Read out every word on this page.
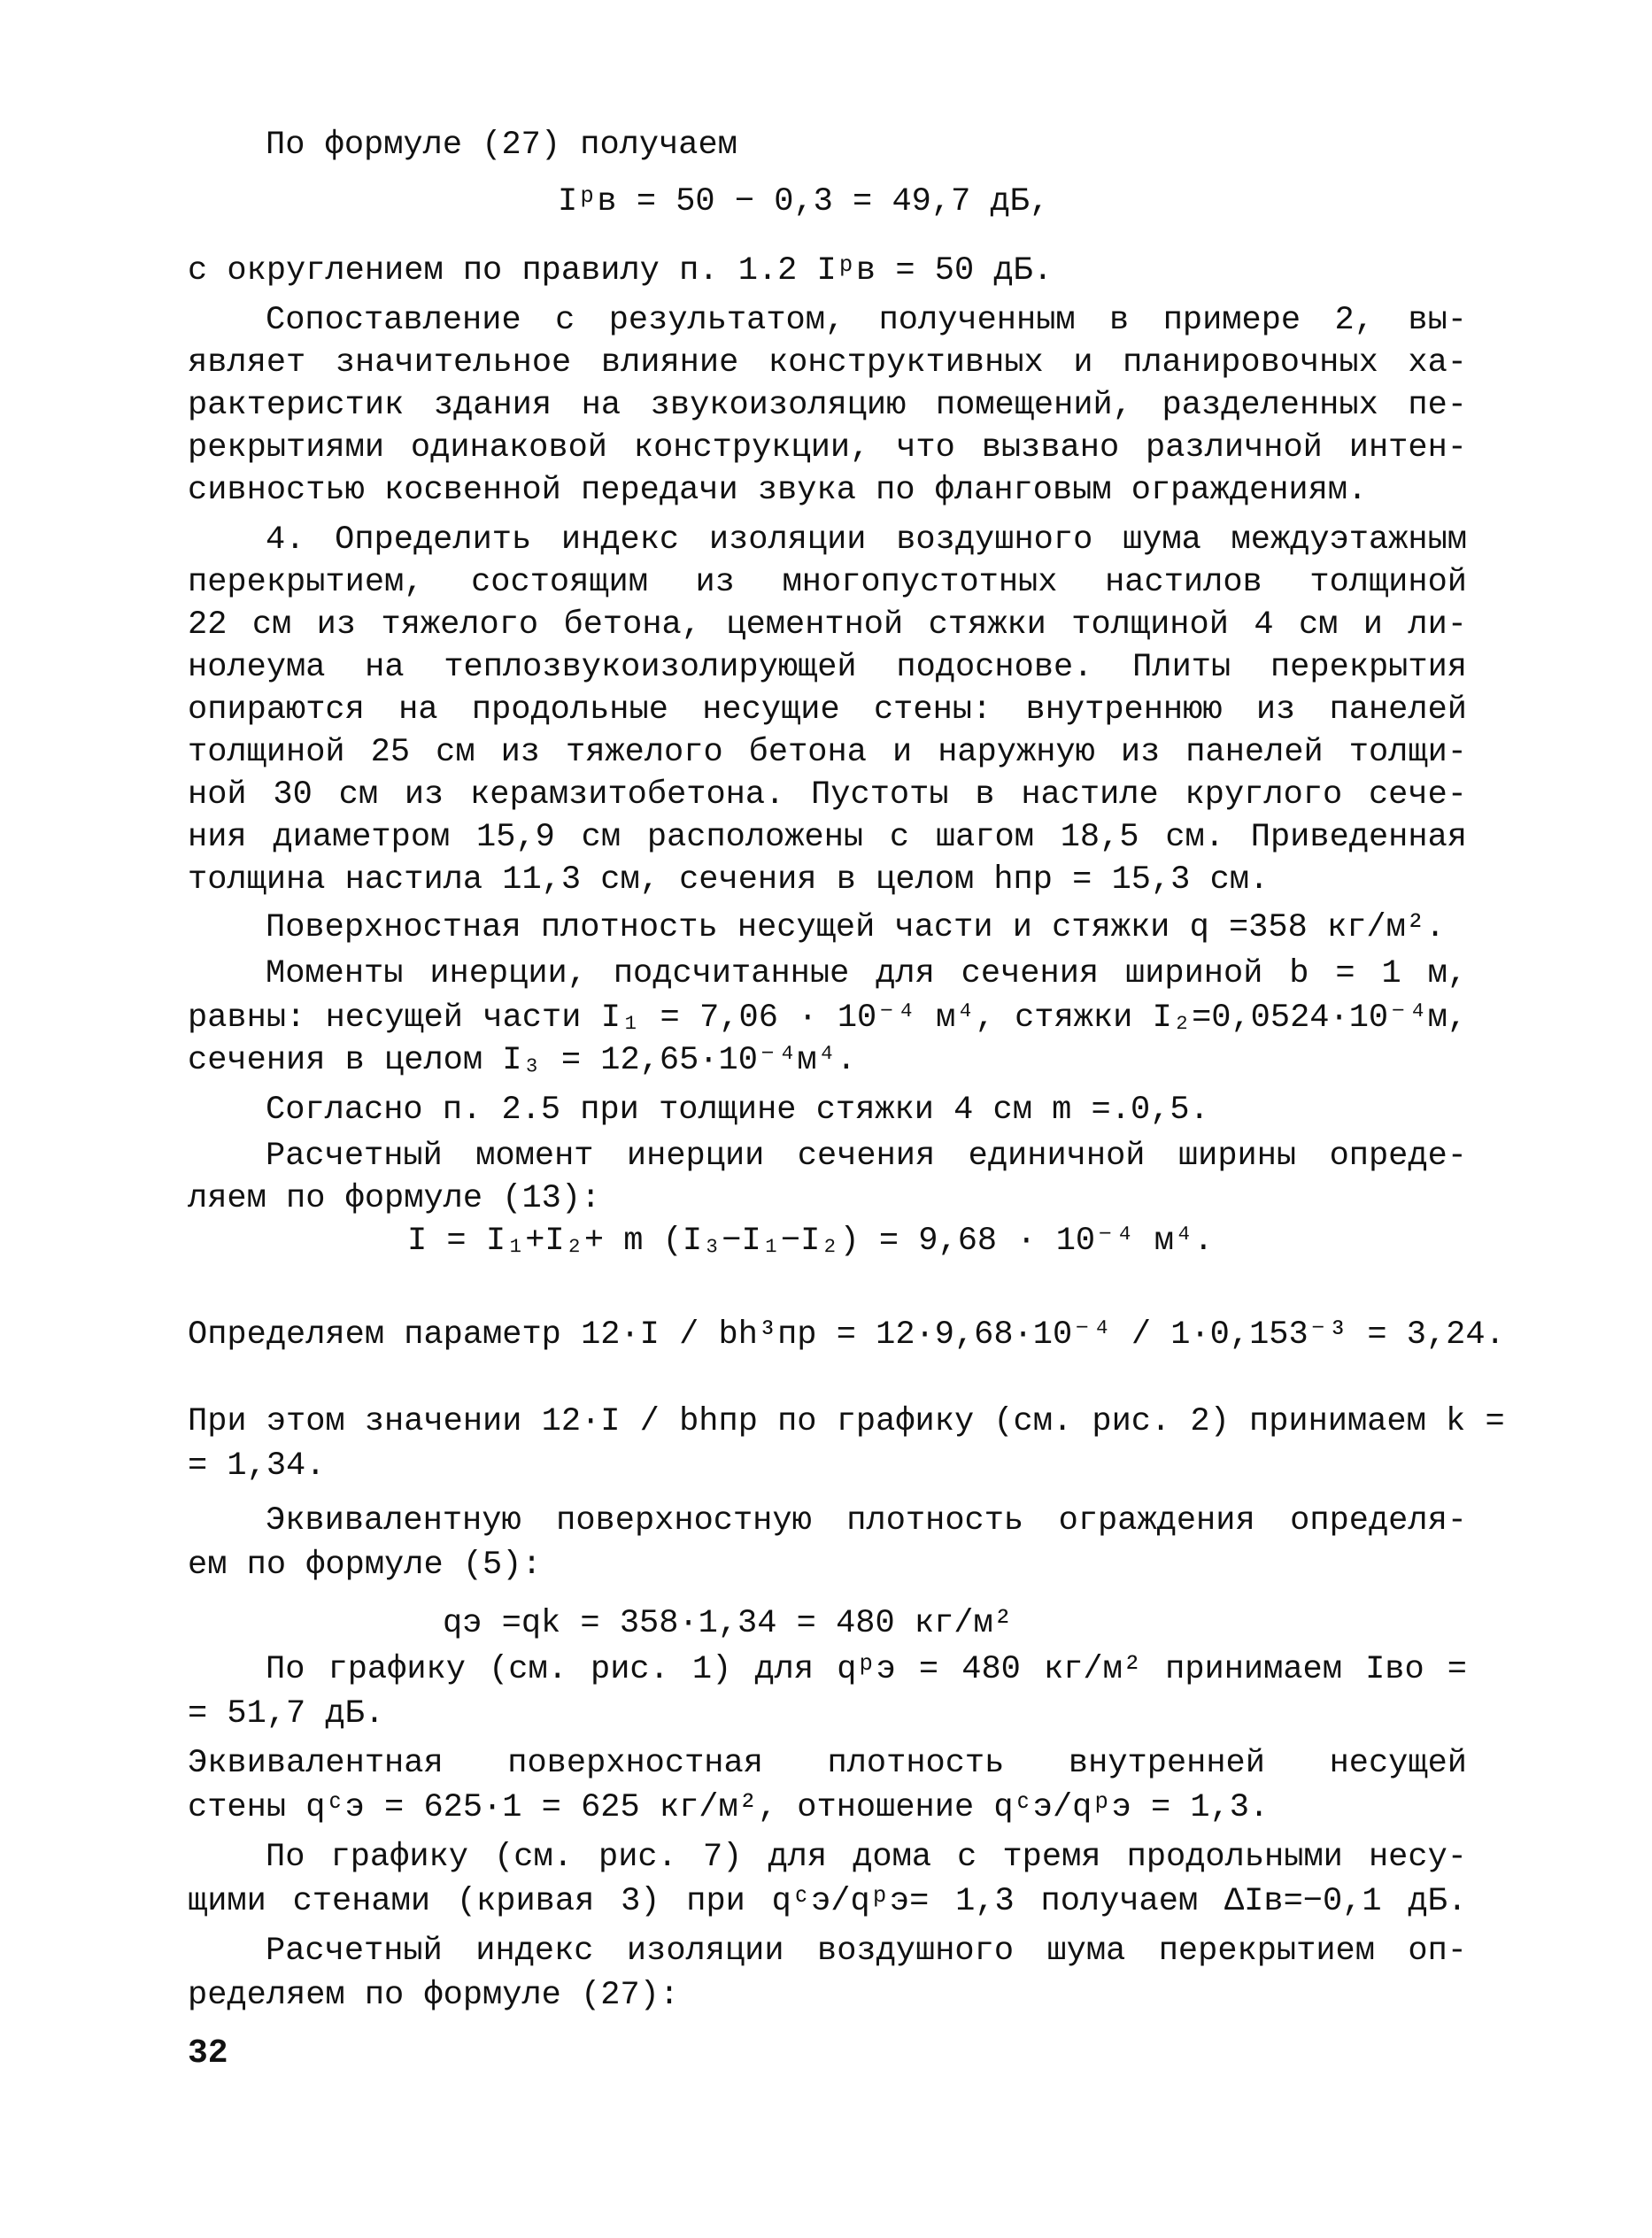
По формуле (27) получаем
Iᵖв = 50 − 0,3 = 49,7 дБ,
с округлением по правилу п. 1.2 Iᵖв = 50 дБ.
Сопоставление с результатом, полученным в примере 2, вы-
являет значительное влияние конструктивных и планировочных ха-
рактеристик здания на звукоизоляцию помещений, разделенных пе-
рекрытиями одинаковой конструкции, что вызвано различной интен-
сивностью косвенной передачи звука по фланговым ограждениям.
4. Определить индекс изоляции воздушного шума междуэтажным
перекрытием, состоящим из многопустотных настилов толщиной
22 см из тяжелого бетона, цементной стяжки толщиной 4 см и ли-
нолеума на теплозвукоизолирующей подоснове. Плиты перекрытия
опираются на продольные несущие стены: внутреннюю из панелей
толщиной 25 см из тяжелого бетона и наружную из панелей толщи-
ной 30 см из керамзитобетона. Пустоты в настиле круглого сече-
ния диаметром 15,9 см расположены с шагом 18,5 см. Приведенная
толщина настила 11,3 см, сечения в целом hпр = 15,3 см.
Поверхностная плотность несущей части и стяжки q =358 кг/м².
Моменты инерции, подсчитанные для сечения шириной b = 1 м,
равны: несущей части I₁ = 7,06 · 10⁻⁴ м⁴, стяжки I₂=0,0524·10⁻⁴м,
сечения в целом I₃ = 12,65·10⁻⁴м⁴.
Согласно п. 2.5 при толщине стяжки 4 см m =.0,5.
Расчетный момент инерции сечения единичной ширины опреде-
ляем по формуле (13):
I = I₁+I₂+ m (I₃−I₁−I₂) = 9,68 · 10⁻⁴ м⁴.
Определяем параметр 12·I / bh³пр = 12·9,68·10⁻⁴ / 1·0,153⁻³ = 3,24.
При этом значении 12·I / bhпр по графику (см. рис. 2) принимаем k =
= 1,34.
Эквивалентную поверхностную плотность ограждения определя-
ем по формуле (5):
qэ =qk = 358·1,34 = 480 кг/м²
По графику (см. рис. 1) для qᵖэ = 480 кг/м² принимаем Iво =
= 51,7 дБ.
Эквивалентная поверхностная плотность внутренней несущей
стены qᶜэ = 625·1 = 625 кг/м², отношение qᶜэ/qᵖэ = 1,3.
По графику (см. рис. 7) для дома с тремя продольными несу-
щими стенами (кривая 3) при qᶜэ/qᵖэ= 1,3 получаем ΔIв=−0,1 дБ.
Расчетный индекс изоляции воздушного шума перекрытием оп-
ределяем по формуле (27):
32
